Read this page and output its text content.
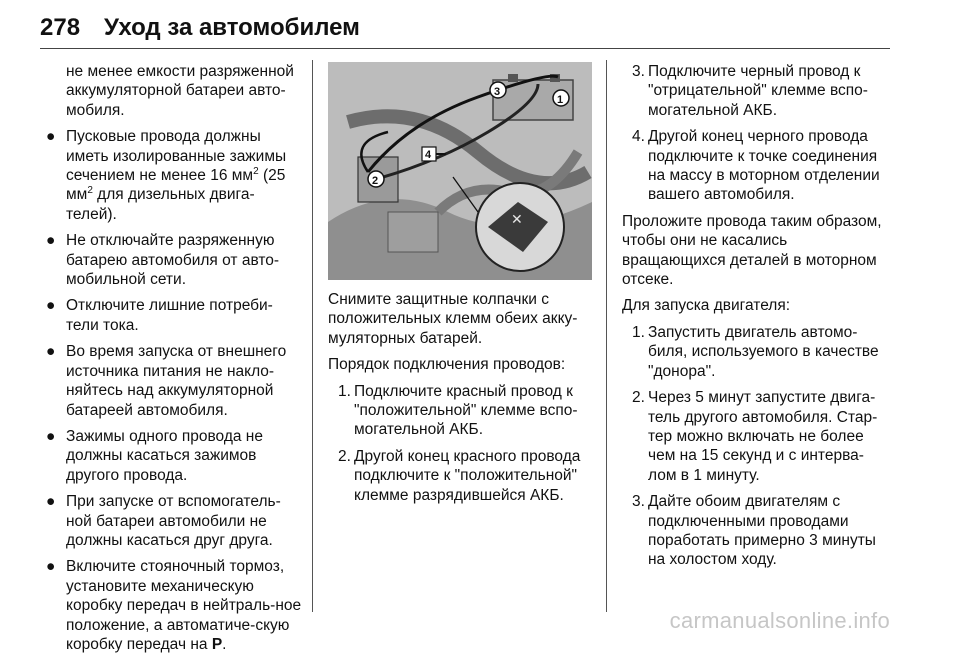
278 Уход за автомобилем

не менее емкости разряженной аккумуляторной батареи авто-мобиля.

● Пусковые провода должны иметь изолированные зажимы сечением не менее 16 $мм^2$ (25 $мм^2$ для дизельных двига-телей).
● Не отключайте разряженную батарею автомобиля от авто-мобильной сети.
● Отключите лишние потреби-тели тока.
● Во время запуска от внешнего источника питания не накло-няйтесь над аккумуляторной батареей автомобиля.
● Зажимы одного провода не должны касаться зажимов другого провода.
● При запуске от вспомогатель-ной батареи автомобили не должны касаться друг друга.
● Включите стояночный тормоз, установите механическую коробку передач в нейтраль-ное положение, а автоматиче-скую коробку передач на P.
✕
1
2
3
4

Снимите защитные колпачки с положительных клемм обеих акку-муляторных батарей.

Порядок подключения проводов:

1. Подключите красный провод к "положительной" клемме вспо-могательной АКБ.
2. Другой конец красного провода подключите к "положительной" клемме разрядившейся АКБ.
3. Подключите черный провод к "отрицательной" клемме вспо-могательной АКБ.
4. Другой конец черного провода подключите к точке соединения на массу в моторном отделении вашего автомобиля.

Проложите провода таким образом, чтобы они не касались вращающихся деталей в моторном отсеке.

Для запуска двигателя:

1. Запустить двигатель автомо-биля, используемого в качестве "донора".
2. Через 5 минут запустите двига-тель другого автомобиля. Стар-тер можно включать не более чем на 15 секунд и с интерва-лом в 1 минуту.
3. Дайте обоим двигателям с подключенными проводами поработать примерно 3 минуты на холостом ходу.
carmanualsonline.info
